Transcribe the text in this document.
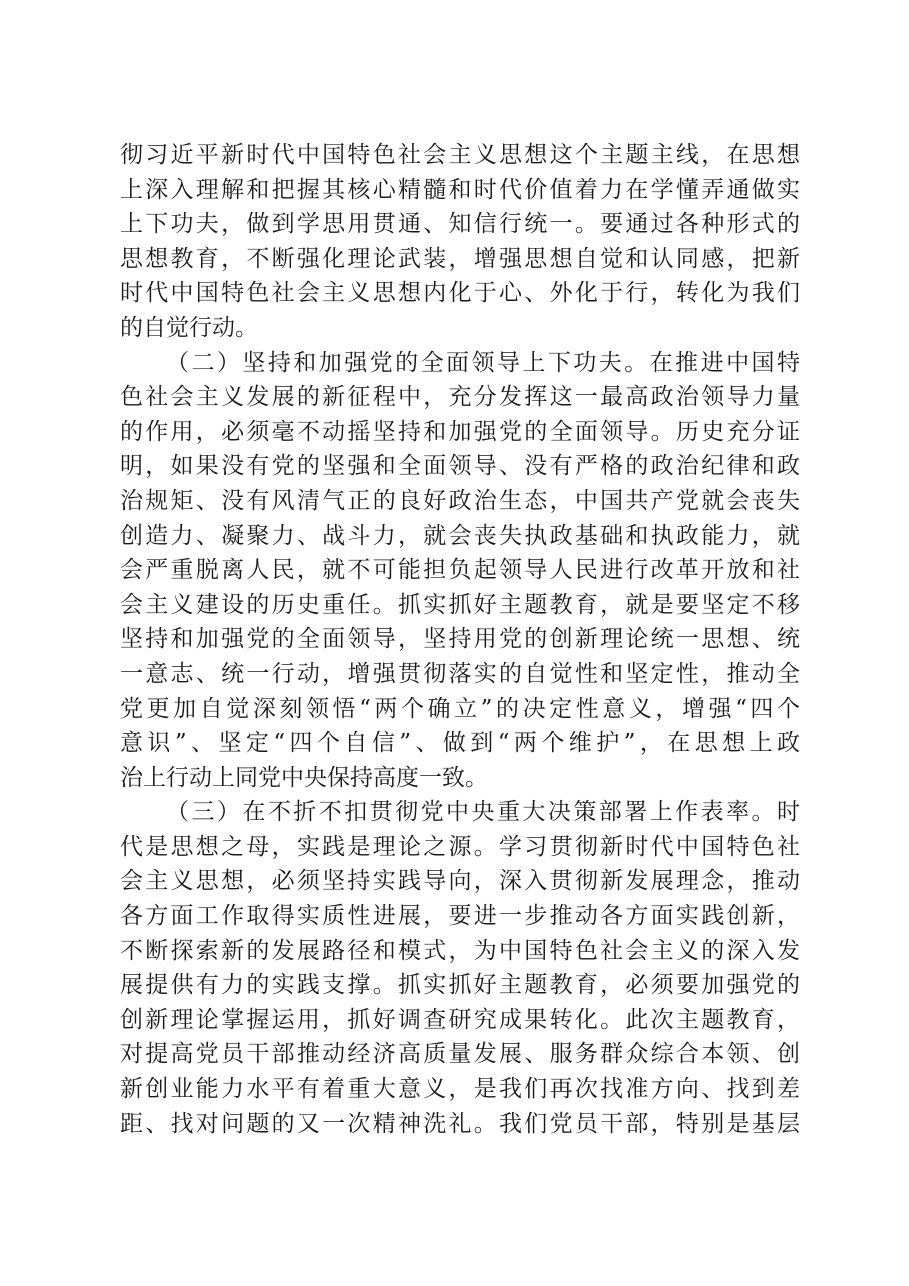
彻习近平新时代中国特色社会主义思想这个主题主线，在思想
上深入理解和把握其核心精髓和时代价值着力在学懂弄通做实
上下功夫，做到学思用贯通、知信行统一。要通过各种形式的
思想教育，不断强化理论武装，增强思想自觉和认同感，把新
时代中国特色社会主义思想内化于心、外化于行，转化为我们
的自觉行动。
（二）坚持和加强党的全面领导上下功夫。在推进中国特
色社会主义发展的新征程中，充分发挥这一最高政治领导力量
的作用，必须毫不动摇坚持和加强党的全面领导。历史充分证
明，如果没有党的坚强和全面领导、没有严格的政治纪律和政
治规矩、没有风清气正的良好政治生态，中国共产党就会丧失
创造力、凝聚力、战斗力，就会丧失执政基础和执政能力，就
会严重脱离人民，就不可能担负起领导人民进行改革开放和社
会主义建设的历史重任。抓实抓好主题教育，就是要坚定不移
坚持和加强党的全面领导，坚持用党的创新理论统一思想、统
一意志、统一行动，增强贯彻落实的自觉性和坚定性，推动全
党更加自觉深刻领悟“两个确立”的决定性意义，增强“四个
意识”、坚定“四个自信”、做到“两个维护”，在思想上政
治上行动上同党中央保持高度一致。
（三）在不折不扣贯彻党中央重大决策部署上作表率。时
代是思想之母，实践是理论之源。学习贯彻新时代中国特色社
会主义思想，必须坚持实践导向，深入贯彻新发展理念，推动
各方面工作取得实质性进展，要进一步推动各方面实践创新，
不断探索新的发展路径和模式，为中国特色社会主义的深入发
展提供有力的实践支撑。抓实抓好主题教育，必须要加强党的
创新理论掌握运用，抓好调查研究成果转化。此次主题教育，
对提高党员干部推动经济高质量发展、服务群众综合本领、创
新创业能力水平有着重大意义，是我们再次找准方向、找到差
距、找对问题的又一次精神洗礼。我们党员干部，特别是基层
